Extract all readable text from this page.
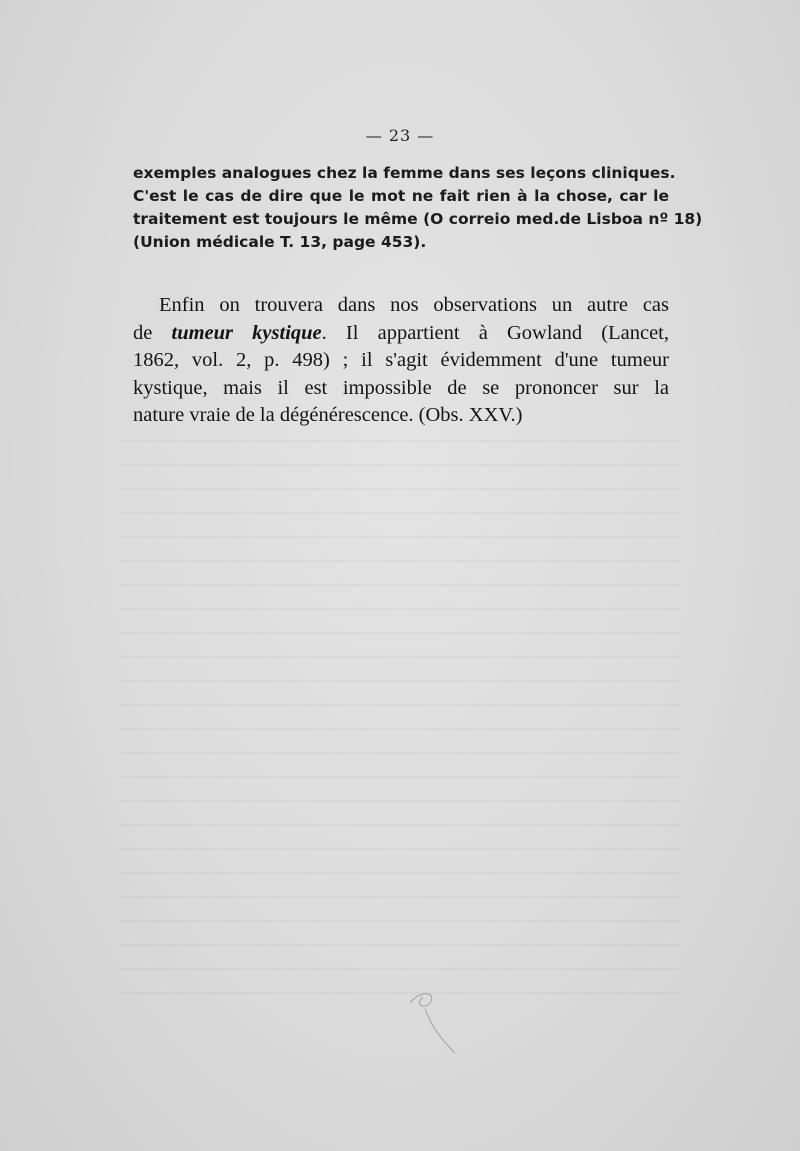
— 23 —
exemples analogues chez la femme dans ses leçons cliniques.
C'est le cas de dire que le mot ne fait rien à la chose, car le
traitement est toujours le même (O correio med.de Lisboa nº 18)
(Union médicale T. 13, page 453).
Enfin on trouvera dans nos observations un autre cas
de tumeur kystique. Il appartient à Gowland (Lancet,
1862, vol. 2, p. 498) ; il s'agit évidemment d'une tumeur
kystique, mais il est impossible de se prononcer sur la
nature vraie de la dégénérescence. (Obs. XXV.)
